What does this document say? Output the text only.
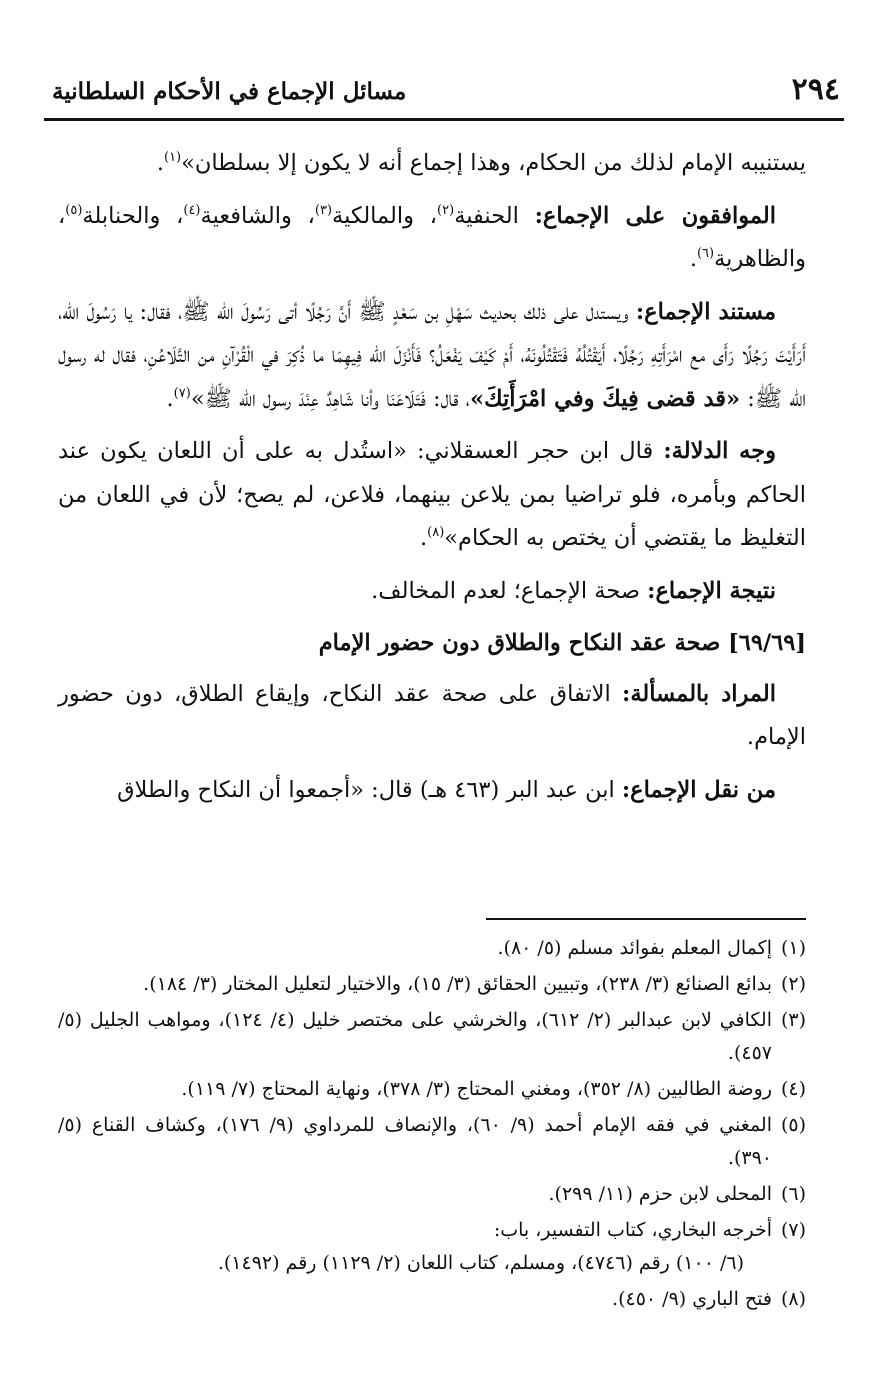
٢٩٤
مسائل الإجماع في الأحكام السلطانية

يستنيبه الإمام لذلك من الحكام، وهذا إجماع أنه لا يكون إلا بسلطان»$^{(١)}$.

الموافقون على الإجماع: الحنفية$^{(٢)}$، والمالكية$^{(٣)}$، والشافعية$^{(٤)}$، والحنابلة$^{(٥)}$، والظاهرية$^{(٦)}$.

مستند الإجماع: ويستدل على ذلك بحديث سَهْلِ بن سَعْدٍ ﷺ أَنَّ رَجُلًا أتى رَسُولَ الله ﷺ، فقال: يا رَسُولَ الله، أَرَأَيْتَ رَجُلًا رَأَى مع امْرَأَتِهِ رَجُلًا، أَيَقْتُلُهُ فَتَقْتُلُونَهُ، أَمْ كَيْفَ يَفْعَلُ؟ فَأَنْزَلَ الله فِيهِمَا ما ذُكِرَ في الْقُرْآنِ من التَّلَاعُنِ، فقال له رسول الله ﷺ: «قد قضى فِيكَ وفي امْرَأَتِكَ»، قال: فَتَلَاعَنَا وأنا شَاهِدٌ عِنْدَ رسول الله ﷺ»$^{(٧)}$.

وجه الدلالة: قال ابن حجر العسقلاني: «استُدل به على أن اللعان يكون عند الحاكم وبأمره، فلو تراضيا بمن يلاعن بينهما، فلاعن، لم يصح؛ لأن في اللعان من التغليظ ما يقتضي أن يختص به الحكام»$^{(٨)}$.

نتيجة الإجماع: صحة الإجماع؛ لعدم المخالف.

[٦٩/٦٩] صحة عقد النكاح والطلاق دون حضور الإمام

المراد بالمسألة: الاتفاق على صحة عقد النكاح، وإيقاع الطلاق، دون حضور الإمام.

من نقل الإجماع: ابن عبد البر (٤٦٣ هـ) قال: «أجمعوا أن النكاح والطلاق

(١)
إكمال المعلم بفوائد مسلم (٥/ ٨٠).

(٢)
بدائع الصنائع (٣/ ٢٣٨)، وتبيين الحقائق (٣/ ١٥)، والاختيار لتعليل المختار (٣/ ١٨٤).

(٣)
الكافي لابن عبدالبر (٢/ ٦١٢)، والخرشي على مختصر خليل (٤/ ١٢٤)، ومواهب الجليل (٥/ ٤٥٧).

(٤)
روضة الطالبين (٨/ ٣٥٢)، ومغني المحتاج (٣/ ٣٧٨)، ونهاية المحتاج (٧/ ١١٩).

(٥)
المغني في فقه الإمام أحمد (٩/ ٦٠)، والإنصاف للمرداوي (٩/ ١٧٦)، وكشاف القناع (٥/ ٣٩٠).

(٦)
المحلى لابن حزم (١١/ ٢٩٩).

(٧)
أخرجه البخاري، كتاب التفسير، باب:
(٦/ ١٠٠) رقم (٤٧٤٦)، ومسلم، كتاب اللعان (٢/ ١١٢٩) رقم (١٤٩٢).

(٨)
فتح الباري (٩/ ٤٥٠).
